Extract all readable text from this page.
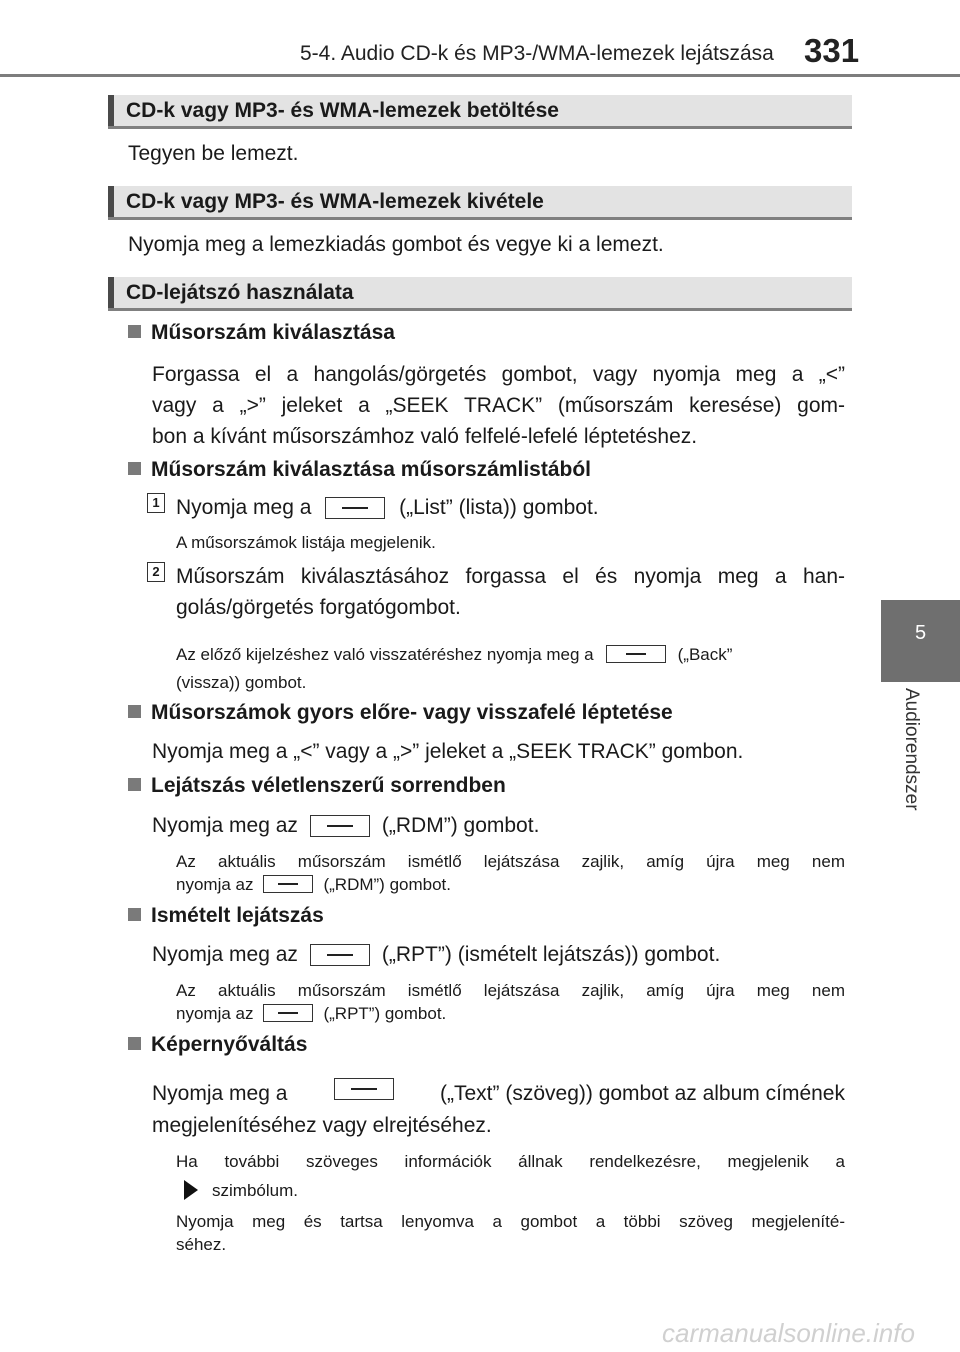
5-4. Audio CD-k és MP3-/WMA-lemezek lejátszása 331
5
Audiorendszer
CD-k vagy MP3- és WMA-lemezek betöltése
Tegyen be lemezt.
CD-k vagy MP3- és WMA-lemezek kivétele
Nyomja meg a lemezkiadás gombot és vegye ki a lemezt.
CD-lejátszó használata
Műsorszám kiválasztása
Forgassa el a hangolás/görgetés gombot, vagy nyomja meg a „<”
vagy a „>” jeleket a „SEEK TRACK” (műsorszám keresése) gom-
bon a kívánt műsorszámhoz való felfelé-lefelé léptetéshez.
Műsorszám kiválasztása műsorszámlistából
1 Nyomja meg a	(„List” (lista)) gombot.
A műsorszámok listája megjelenik.
2 Műsorszám kiválasztásához forgassa el és nyomja meg a han-
golás/görgetés forgatógombot.
Az előző kijelzéshez való visszatéréshez nyomja meg a	(„Back”
(vissza)) gombot.
Műsorszámok gyors előre- vagy visszafelé léptetése
Nyomja meg a „<” vagy a „>” jeleket a „SEEK TRACK” gombon.
Lejátszás véletlenszerű sorrendben
Nyomja meg az	(„RDM”) gombot.
Az aktuális műsorszám ismétlő lejátszása zajlik, amíg újra meg nem
nyomja az	(„RDM”) gombot.
Ismételt lejátszás
Nyomja meg az	(„RPT”) (ismételt lejátszás)) gombot.
Az aktuális műsorszám ismétlő lejátszása zajlik, amíg újra meg nem
nyomja az	(„RPT”) gombot.
Képernyőváltás
Nyomja meg a	(„Text” (szöveg)) gombot az album címének
megjelenítéséhez vagy elrejtéséhez.
Ha további szöveges információk állnak rendelkezésre, megjelenik a
szimbólum.
Nyomja meg és tartsa lenyomva a gombot a többi szöveg megjeleníté-
séhez.
carmanualsonline.info
